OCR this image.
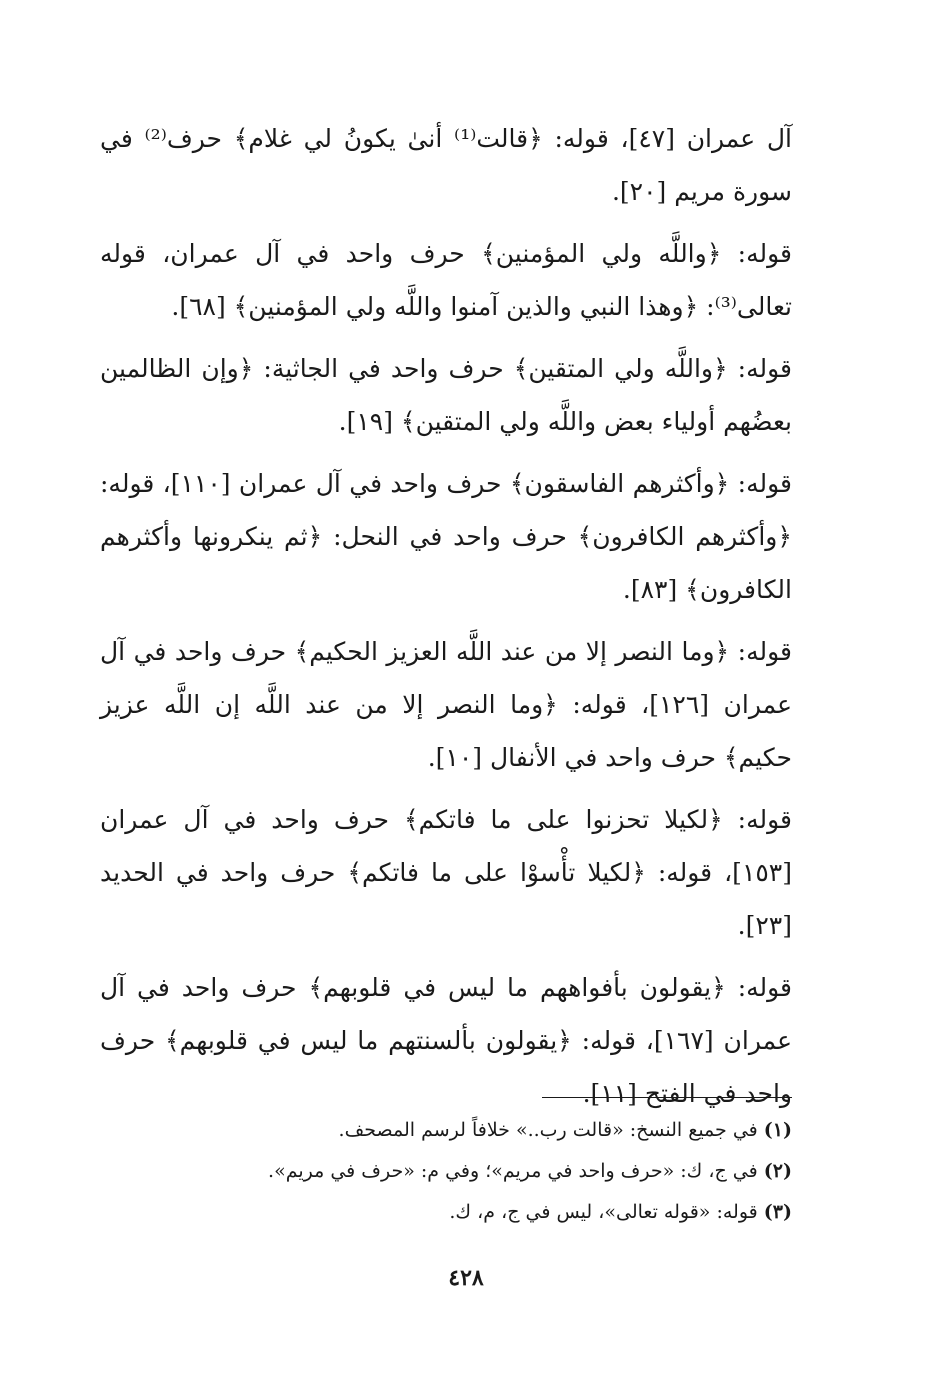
آل عمران [٤٧]، قوله: ﴿قالت⁽¹⁾ أنىٰ يكونُ لي غلام﴾ حرف⁽²⁾ في سورة مريم [٢٠].

قوله: ﴿واللَّه ولي المؤمنين﴾ حرف واحد في آل عمران، قوله تعالى⁽³⁾: ﴿وهذا النبي والذين آمنوا واللَّه ولي المؤمنين﴾ [٦٨].

قوله: ﴿واللَّه ولي المتقين﴾ حرف واحد في الجاثية: ﴿وإن الظالمين بعضُهم أولياء بعض واللَّه ولي المتقين﴾ [١٩].

قوله: ﴿وأكثرهم الفاسقون﴾ حرف واحد في آل عمران [١١٠]، قوله: ﴿وأكثرهم الكافرون﴾ حرف واحد في النحل: ﴿ثم ينكرونها وأكثرهم الكافرون﴾ [٨٣].

قوله: ﴿وما النصر إلا من عند اللَّه العزيز الحكيم﴾ حرف واحد في آل عمران [١٢٦]، قوله: ﴿وما النصر إلا من عند اللَّه إن اللَّه عزيز حكيم﴾ حرف واحد في الأنفال [١٠].

قوله: ﴿لكيلا تحزنوا على ما فاتكم﴾ حرف واحد في آل عمران [١٥٣]، قوله: ﴿لكيلا تأْسوْا على ما فاتكم﴾ حرف واحد في الحديد [٢٣].

قوله: ﴿يقولون بأفواههم ما ليس في قلوبهم﴾ حرف واحد في آل عمران [١٦٧]، قوله: ﴿يقولون بألسنتهم ما ليس في قلوبهم﴾ حرف واحد في الفتح [١١].

(١) في جميع النسخ: «قالت رب..» خلافاً لرسم المصحف.
(٢) في ج، ك: «حرف واحد في مريم»؛ وفي م: «حرف في مريم».
(٣) قوله: «قوله تعالى»، ليس في ج، م، ك.
٤٢٨
